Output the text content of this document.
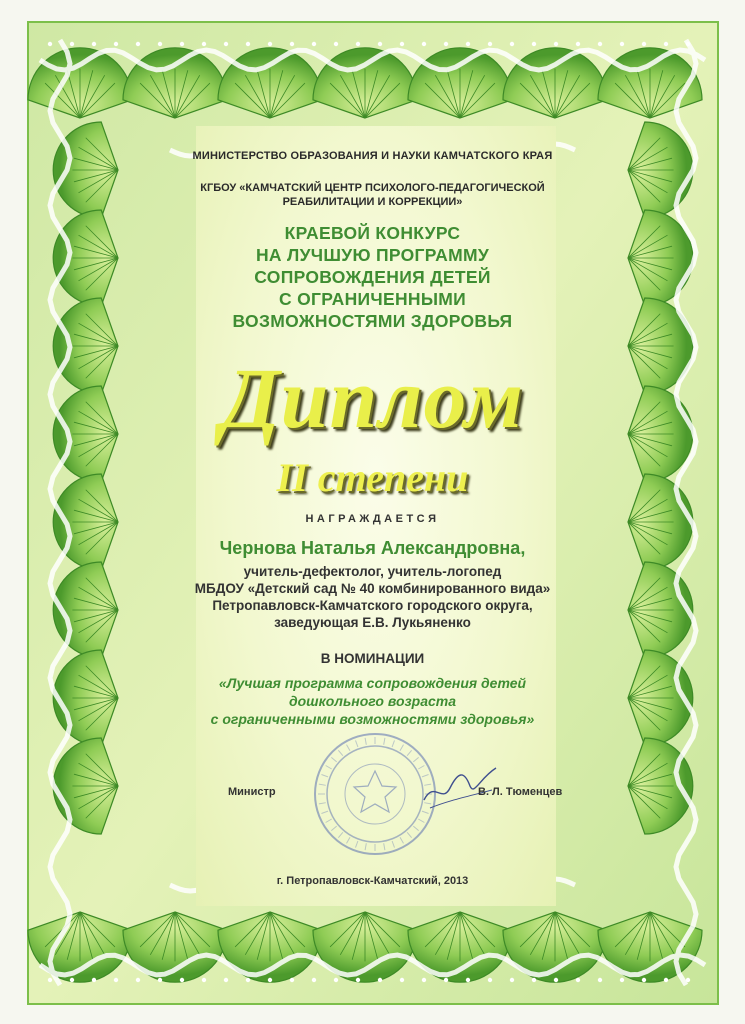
МИНИСТЕРСТВО ОБРАЗОВАНИЯ И НАУКИ КАМЧАТСКОГО КРАЯ
КГБОУ «КАМЧАТСКИЙ ЦЕНТР ПСИХОЛОГО-ПЕДАГОГИЧЕСКОЙ
РЕАБИЛИТАЦИИ И КОРРЕКЦИИ»
КРАЕВОЙ КОНКУРС
НА ЛУЧШУЮ ПРОГРАММУ
СОПРОВОЖДЕНИЯ ДЕТЕЙ
С ОГРАНИЧЕННЫМИ
ВОЗМОЖНОСТЯМИ ЗДОРОВЬЯ
Диплом
II степени
НАГРАЖДАЕТСЯ
Чернова Наталья Александровна,
учитель-дефектолог, учитель-логопед
МБДОУ «Детский сад № 40 комбинированного вида»
Петропавловск-Камчатского городского округа,
заведующая Е.В. Лукьяненко
В НОМИНАЦИИ
«Лучшая программа сопровождения детей
дошкольного возраста
с ограниченными возможностями здоровья»
Министр	В. Л. Тюменцев
г. Петропавловск-Камчатский, 2013
